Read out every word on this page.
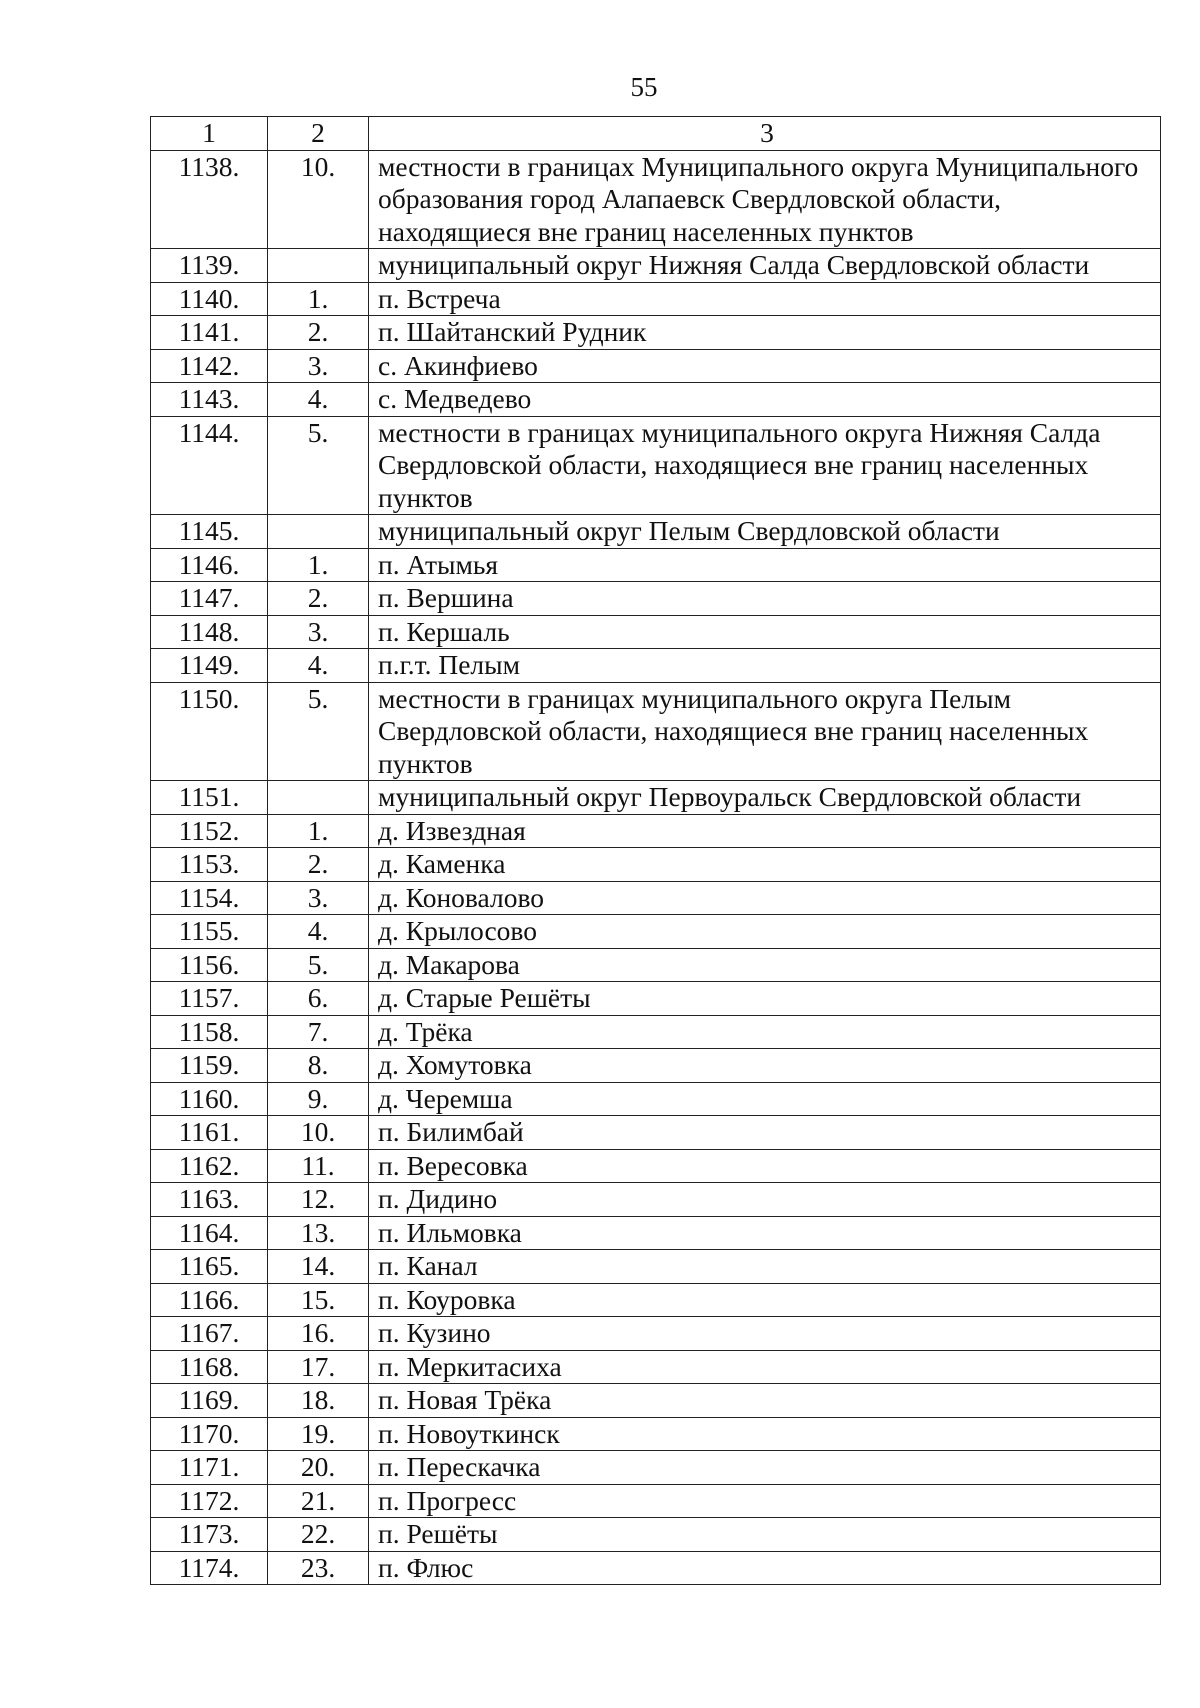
55
1	2	3
1138.	10.	местности в границах Муниципального округа Муниципального образования город Алапаевск Свердловской области, находящиеся вне границ населенных пунктов
1139.		муниципальный округ Нижняя Салда Свердловской области
1140.	1.	п. Встреча
1141.	2.	п. Шайтанский Рудник
1142.	3.	с. Акинфиево
1143.	4.	с. Медведево
1144.	5.	местности в границах муниципального округа Нижняя Салда Свердловской области, находящиеся вне границ населенных пунктов
1145.		муниципальный округ Пелым Свердловской области
1146.	1.	п. Атымья
1147.	2.	п. Вершина
1148.	3.	п. Кершаль
1149.	4.	п.г.т. Пелым
1150.	5.	местности в границах муниципального округа Пелым Свердловской области, находящиеся вне границ населенных пунктов
1151.		муниципальный округ Первоуральск Свердловской области
1152.	1.	д. Извездная
1153.	2.	д. Каменка
1154.	3.	д. Коновалово
1155.	4.	д. Крылосово
1156.	5.	д. Макарова
1157.	6.	д. Старые Решёты
1158.	7.	д. Трёка
1159.	8.	д. Хомутовка
1160.	9.	д. Черемша
1161.	10.	п. Билимбай
1162.	11.	п. Вересовка
1163.	12.	п. Дидино
1164.	13.	п. Ильмовка
1165.	14.	п. Канал
1166.	15.	п. Коуровка
1167.	16.	п. Кузино
1168.	17.	п. Меркитасиха
1169.	18.	п. Новая Трёка
1170.	19.	п. Новоуткинск
1171.	20.	п. Перескачка
1172.	21.	п. Прогресс
1173.	22.	п. Решёты
1174.	23.	п. Флюс
